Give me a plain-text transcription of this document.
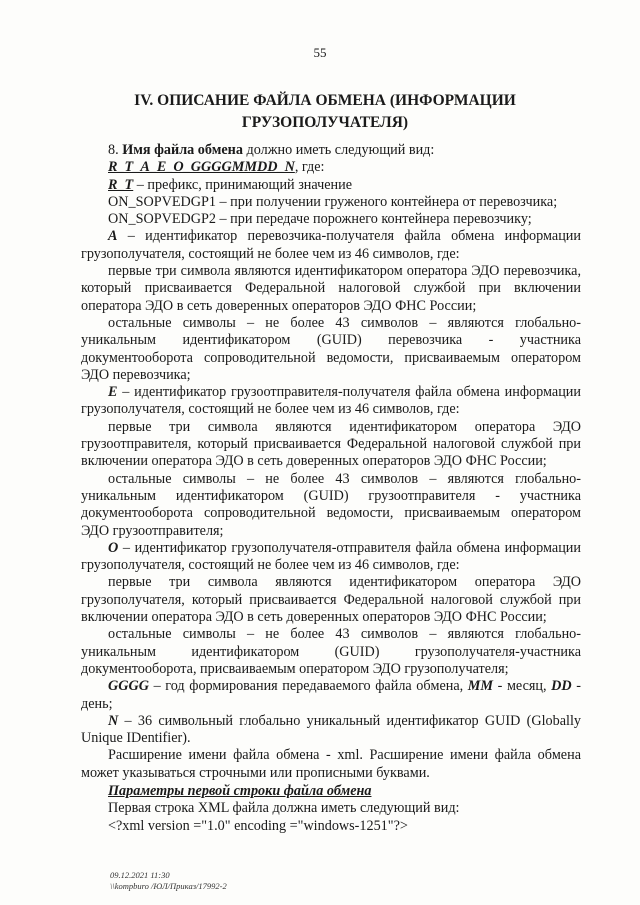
55
IV. ОПИСАНИЕ ФАЙЛА ОБМЕНА (ИНФОРМАЦИИ
ГРУЗОПОЛУЧАТЕЛЯ)

8. Имя файла обмена должно иметь следующий вид:

R_T_A_E_O_GGGGMMDD_N, где:

R_T – префикс, принимающий значение

ON_SOPVEDGP1 – при получении груженого контейнера от перевозчика;

ON_SOPVEDGP2 – при передаче порожнего контейнера перевозчику;

A – идентификатор перевозчика-получателя файла обмена информации грузополучателя, состоящий не более чем из 46 символов, где:

первые три символа являются идентификатором оператора ЭДО перевозчика, который присваивается Федеральной налоговой службой при включении оператора ЭДО в сеть доверенных операторов ЭДО ФНС России;

остальные символы – не более 43 символов – являются глобально-уникальным идентификатором (GUID) перевозчика - участника документооборота сопроводительной ведомости, присваиваемым оператором ЭДО перевозчика;

E – идентификатор грузоотправителя-получателя файла обмена информации грузополучателя, состоящий не более чем из 46 символов, где:

первые три символа являются идентификатором оператора ЭДО грузоотправителя, который присваивается Федеральной налоговой службой при включении оператора ЭДО в сеть доверенных операторов ЭДО ФНС России;

остальные символы – не более 43 символов – являются глобально-уникальным идентификатором (GUID) грузоотправителя - участника документооборота сопроводительной ведомости, присваиваемым оператором ЭДО грузоотправителя;

O – идентификатор грузополучателя-отправителя файла обмена информации грузополучателя, состоящий не более чем из 46 символов, где:

первые три символа являются идентификатором оператора ЭДО грузополучателя, который присваивается Федеральной налоговой службой при включении оператора ЭДО в сеть доверенных операторов ЭДО ФНС России;

остальные символы – не более 43 символов – являются глобально-уникальным идентификатором (GUID) грузополучателя-участника документооборота, присваиваемым оператором ЭДО грузополучателя;

GGGG – год формирования передаваемого файла обмена, MM - месяц, DD - день;

N – 36 символьный глобально уникальный идентификатор GUID (Globally Unique IDentifier).

Расширение имени файла обмена - xml. Расширение имени файла обмена может указываться строчными или прописными буквами.

Параметры первой строки файла обмена

Первая строка XML файла должна иметь следующий вид:

<?xml version ="1.0" encoding ="windows-1251"?>

09.12.2021 11:30
\\kompburo /ЮЛ/Приказ/17992-2
